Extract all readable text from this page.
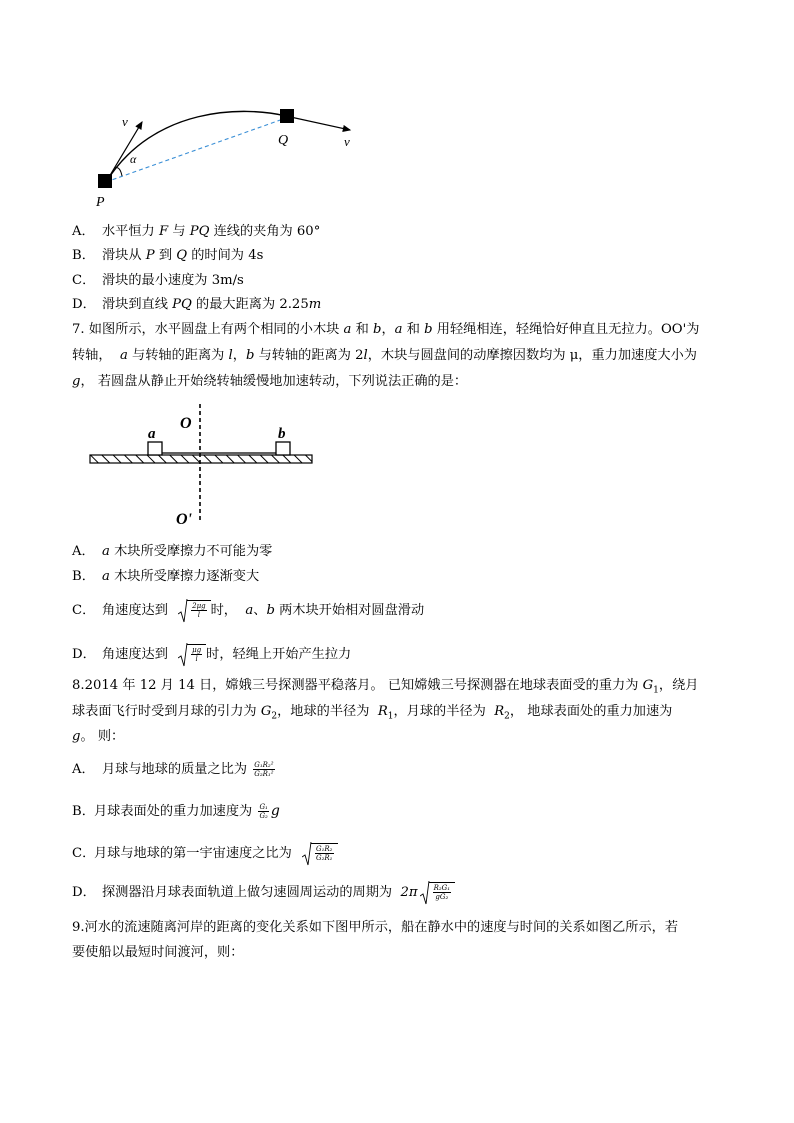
v
α
P
Q	v
A． 水平恒力 F 与 PQ 连线的夹角为 60°
B． 滑块从 P 到 Q 的时间为 4s
C． 滑块的最小速度为 3m/s
D． 滑块到直线 PQ 的最大距离为 2.25m
7. 如图所示，水平圆盘上有两个相同的小木块 a 和 b，a 和 b 用轻绳相连，轻绳恰好伸直且无拉力。OO'为
转轴， a 与转轴的距离为 l，b 与转轴的距离为 2l，木块与圆盘间的动摩擦因数均为 μ，重力加速度大小为
g， 若圆盘从静止开始绕转轴缓慢地加速转动，下列说法正确的是：
O
O'
a	b
A． a 木块所受摩擦力不可能为零
B． a 木块所受摩擦力逐渐变大
C． 角速度达到	$\frac{2\mu g}{l}$ 时， a、b 两木块开始相对圆盘滑动
D． 角速度达到	$\frac{\mu g}{l}$ 时，轻绳上开始产生拉力
8.2014 年 12 月 14 日，嫦娥三号探测器平稳落月。 已知嫦娥三号探测器在地球表面受的重力为 $G_1$，绕月
球表面飞行时受到月球的引力为 $G_2$，地球的半径为  $R_1$，月球的半径为  $R_2$， 地球表面处的重力加速为
g。 则：
A． 月球与地球的质量之比为 $\frac{\text{G₁R₂²}}{\text{G₂R₁²}}$
B．月球表面处的重力加速度为 $\frac{\text{G₁}}{\text{G₂}}$ g
C．月球与地球的第一宇宙速度之比为	$\frac{\text{G₁R₂}}{\text{G₂R₁}}$
D． 探测器沿月球表面轨道上做匀速圆周运动的周期为 $2\pi \frac{\text{R₂G₁}}{\text{gG₂}}$
9.河水的流速随离河岸的距离的变化关系如下图甲所示，船在静水中的速度与时间的关系如图乙所示，若
要使船以最短时间渡河，则：
